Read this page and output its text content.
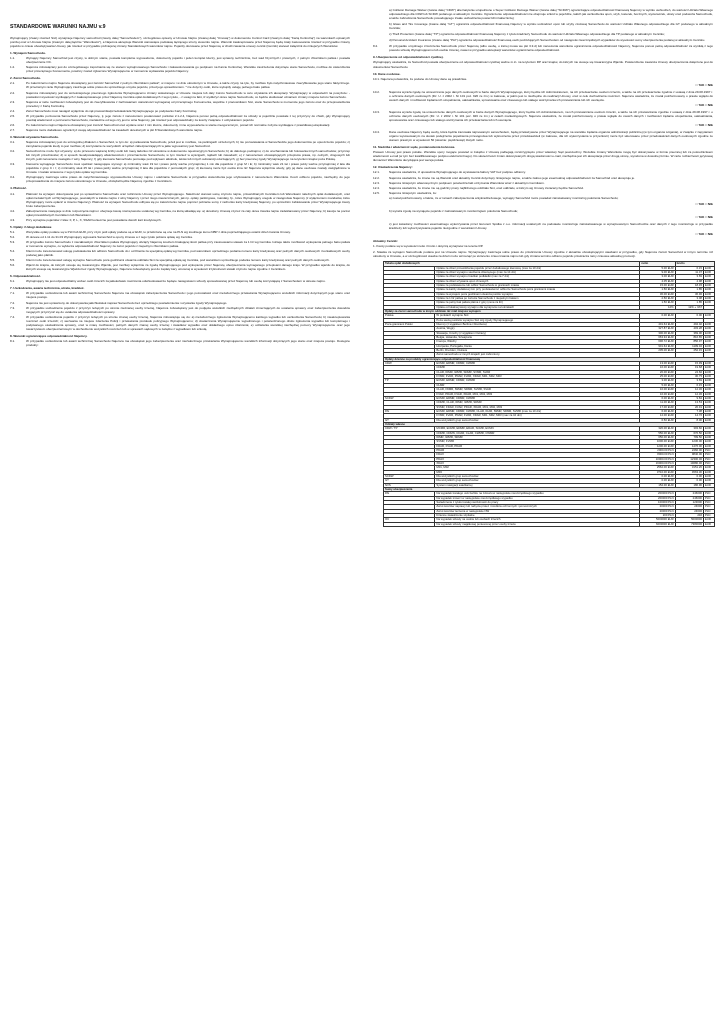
STANDARDOWE WARUNKI NAJMU v.9

Wynajmujący (zwany również Sixt) wynajmuje Najemcy samochód (zwany dalej "Samochodem"), szczegółowo opisany w Umowie Najmu (zwanej dalej "Umową") w dokumencie Control Card (zwanym dalej "Kartą Kontrolną") na warunkach opisanych poniżej oraz w Umowie Najmu (zwanym dalej łącznie "Warunkami"), a Najemca akceptuje Warunki stanowiące podstawę łączącego strony stosunku najmu. Warunki zaakceptowane przez Najemcę będą miały zastosowanie również w przypadku zmiany pojazdu w czasie obowiązywania Umowy, jak również w przypadku późniejszej zmiany Standardowych warunków najmu. Pojazdy oferowane przez Najemcę w chwili zawarcia umowy cennik (Cennik) stanowi załącznik do niniejszych Warunków.

1. Wynajem Samochodu.
1.1.	Wynajęty Najemcy Samochód jest czysty, w dobrym stanie, posiada kompletne wyposażenie, dokumenty pojazdu i jeden komplet kluczy, jest sprawny technicznie, bez wad fizycznych i prawnych, z pełnym zbiornikiem paliwa i posiada ubezpieczenie OC.
1.2.	Najemca zobowiązany jest do szczegółowego zapoznania się ze stanem wynajmowanego Samochodu i zakwestionowania go podpisem na Karcie Kontrolnej. Wszelkie zastrzeżenia dotyczące stanu Samochodu, możliwe do stwierdzenia przez przeciętnego Konsumenta, powinny zostać zgłoszone Wynajmującemu w momencie wydawania pojazdu Najemcy.
2. Zwrot Samochodu.
2.1.	Po zakończeniu najmu Najemca obowiązany jest zwrócić Samochód z pełnym zbiornikiem paliwa*, w miejscu i w dniu określonym w Umowie, a także czysty na tyle, by możliwe było natychmiastowe zweryfikowanie jego stanu faktycznego. W przeciwnym razie Wynajmujący zastrzega sobie prawo do uprzedniego umycia pojazdu, przed jego sprawdzeniem. * nie dotyczy osób, które wykupiły usługę pełnego baku paliwa
2.2.	Najemca zobowiązany jest do wcześniejszego pisemnego zgłoszenia Wynajmującemu zmiany wskazanego w Umowie miejsca lub daty zwrotu Samochodu w celu uzyskania ich akceptacji. Wynajmujący w odpowiedzi na powyższe: - powiadomi wysokość wynikających z zaakceptowanego przez Najemcę Cennika opłat dodatkowych z tego tytułu, - z uwagi na fakt, iż wydłużyć okres najmu Samochodu, co będzie skutkować uznaniem zmiany miejsca zwrotu Samochodu.
2.3.	Najemca w razie możliwości zobowiązany jest do zweryfikowania z zachowaniem staranności wymaganej od przeciętnego Konsumenta, wspólnie z pracownikiem Sixt, stanu Samochodu w momencie jego zwrotu oraz do przeprowadzenia procedury z Kartą Kontrolną.
2.4.	Zwrot Samochodu musi nastąpić wyłącznie do rąk pracownika/przedstawiciela Wynajmującego po podpisaniu Karty Kontrolnej.
2.5.	W przypadku porzucenia Samochodu przez Najemcę, tj. jego zwrotu z naruszeniem postanowień punktów 2.1-2.4, Najemca ponosi pełną odpowiedzialność za szkody w pojeździe powstałe z tej przyczyny do chwili, gdy Wynajmujący powziął wiadomość o porzuceniu Samochodu, niezależnie od tego czy jest to wina Najemcy, jak również jest odpowiedzialny za koszty związane z odzyskaniem pojazdu.
2.6.	Po zakończeniu najmu Najemca obowiązany jest zwrócić Samochód oraz wydane wraz z nim klucze, dokumenty i inne wyposażenie w stanie nieogorszonym, ponad ich normalne zużycie wynikające z prawidłowej eksploatacji.
2.7.	Najemca może dodatkowo ograniczyć swoją odpowiedzialność na zasadach określonych w pkt 8 Standardowych warunków najmu.
3. Warunki używania Samochodu.
3.1.	Najemca zobowiązany jest do szczególnej dbałości o Samochód, w tym do: a) parkowania Samochodu, jeżeli jest to możliwe, na parkingach strzeżonych; b) nie pozostawiania w Samochodzie jego dokumentów po opuszczeniu pojazdu; c) zamykania pojazdu kiedy to jest możliwe; d) korzystania ze wszystkich urządzeń zabezpieczających w jakie wyposażony jest Samochód.
3.2.	Samochód nie może być używany: a) do przewozu większej liczby osób lub masy ładunku niż określone w dokumencie rejestracyjnym Samochodu; b) do dalszego podnajmu; c) do uruchamiania lub holowania innych samochodów, przyczep lub innych przedmiotów; d) w sposób nieodpowiadający właściwościom i przeznaczeniu Samochodu, w tym również w wyścigach, rajdach lub zawodach; e) z naruszeniem obowiązujących przepisów prawa, np. celnych, drogowych lub innych, jeśli naruszenie nastąpiło z winy Najemcy; f) gdy kierowca Samochodu pozostaje pod wpływem alkoholu, leków lub innych substancji odurzających; g) bez pisemnej zgody Wynajmującego na terytorium krajów poza Polską.
3.3.	Kierowca wynajętego Samochodu musi spełniać następujące wymogi: a) minimalny wiek 19 lat i prawo jazdy ważne przynajmniej 1 rok dla pojazdów z grup M i E; b) minimalny wiek 21 lat i prawo jazdy ważne przynajmniej 2 lata dla pojazdów z grup C i I; c) minimalny wiek 25 lat i prawo jazdy ważne przynajmniej 3 lata dla pojazdów z pozostałych grup; d) kierowcą może być osoba inna niż Najemca wyłącznie wtedy, gdy jej dane osobowe zostały uwzględnione w Umowie i zostało wniesione z tego tytułu opłata wg Cennika.
3.4.	Wynajmujący zastrzega sobie prawo do natychmiastowego wypowiedzenia Umowy najmu i odebrania Samochodu w przypadku stwierdzenia jego użytkowania z naruszeniem Warunków. Koszt odbioru pojazdu, niezbędny do jego przeprowadzenia do miejsca zwrotu określonego w Umowie, obciążał będzie Najemcę zgodnie z Cennikiem.
4. Płatność.
4.1.	Płatność za wynajem dokonywana jest po sprawdzeniu Samochodu oraz rozliczeniu Umowy przez Wynajmującego. Należność stanowi sumę czynszu najmu, przewidzianych Cennikiem lub Warunkami należnych opłat dodatkowych, oraz opłat niezależnych od Wynajmującego, powstałych w trakcie najmu z winy Najemcy i przez niego nieuiszczonych, jak np. opłaty parkingowe, mandaty, fp., które Wynajmujący uregulu w zastępstwie Najemcy (z wyłączeniem mandatów, które Wynajmujący może opłacić w imieniu Najemcy). Płatność za wynajem Samochodu odbywa się po zakończeniu najmu poprzez pobranie sumy z rachunku karty kredytowej Najemcy, po uprzednim zablokowaniu przez Wynajmującego kwoty bruto zabezpieczenia.
4.2.	Zabezpieczenie następuje w dniu rozpoczęcia najmu i obejmuje kwotę równą kwocie ustalonej wg Cennika, na którą składają się: a) określony Umową czynsz za cały okres trwania najmu zadeklarowany przez Najemcę; b) kaucja na poczet opłat przewidzianych Cennikiem lub Warunkami.
4.3.	Przy wynajmie pojazdów z klas: F, P, L, X, SSAR konieczne jest posiadanie dwóch kart kredytowych.
5. Opłaty i Usługi dodatkowe
5.1.	Wszystkie opłaty podane są w PLN lub EUR, przy czym jeśli opłaty podane są w EUR, to przeliczane są one na PLN wg średniego kursu NBP z dnia poprzedzającego ostatni dzień trwania Umowy.
5.2.	W okresie od 1.11 do 31.03 Wynajmujący wyposaża Samochód w opony zimowe a z tego tytułu pobiera opłatę wg Cennika.
5.3.	W przypadku zwrotu Samochodu z niecałkowitym zbiornikiem paliwa Wynajmujący obciąży Najemcę kosztem brakującej ilości paliwa przy zastosowaniu stawek za 1 litr wg Cennika. Istnieje także możliwość wykupienia pełnego baku paliwa w momencie wynajmu, co wyklucza odpowiedzialność Najemcy za zwrot pojazdu z niepełnym zbiornikiem paliwa.
5.4.	Klient może zarezerwować usługę podstawienia lub odbioru Samochodu do i od Klienta za specjalną opłatą wg Cennika, pod warunkiem uprzedniego podania numeru karty kredytowej oraz pełnych danych osobowych i kontaktowych osoby podanej jako płatnik.
5.5.	Klient może zarezerwować usługę wynajmu Samochodu poza godzinami otwarcia oddziału Sixt za specjalną opłatą wg Cennika, pod warunkiem uprzedniego podania numeru karty kredytowej oraz pełnych danych osobowych.
5.6.	Wjazd do krajów, do których stosuje się Gwarancyjne Wjazdu, jest możliwy wyłącznie za zgodą Wynajmującego pod wykupieniu przez Najemcę ubezpieczenia wymaganego przepisami danego kraju. W przypadku wjazdu do krajów, do których stosuje się Gwarancyjne Wjazdu bez zgody Wynajmującego, Najemca zobowiązany jest do zapłaty kary umownej w wysokości trzykrotności stawki czynszu najmu zgodnie z Cennikiem.
6. Odpowiedzialność.
6.1.	Wynajmujący nie jest odpowiedzialny wobec osób trzecich za jakiekolwiek roszczenia odszkodowawcze będące następstwem szkody spowodowanej przez Najemcę lub osobę korzystającą z Samochodem w okresie najmu.
7. Uszkodzenia, awaria techniczna, utrata, kradzież.
7.1.	W przypadku uszkodzenia lub awarii technicznej Samochodu Najemca ma obowiązek zabezpieczenia Samochodu i jego pozostałości oraz niezwłocznego przekazania Wynajmującemu wszelkich informacji dotyczących jego stanu oraz miejsca postoju.
7.2.	Najemca nie jest uprawniony do dokonywania jakichkolwiek napraw Samochodu bez uprzedniego powiadomienia i uzyskania zgody Wynajmującego.
7.3.	W przypadku uszkodzenia pojazdu z przyczyn leżących po stronie nieznanej osoby trzeciej, Najemca zobowiązany jest do podjęcia wszelkich niezbędnych działań zmierzających do ustalenia sprawcy oraz zabezpieczenia dowodów mogących przyczynić się do ustalenia odpowiedzialności sprawcy.
7.4.	W przypadku uszkodzenia pojazdu z przyczyn leżących po stronie znanej osoby trzeciej, Najemca zobowiązuje się do: a) niezwłocznego zgłoszenia Wynajmującemu każdego wypadku lub uszkodzenia Samochodu; b) nieakceptowania roszczeń osób trzecich; c) wezwania na miejsce zdarzenia Policji i przekazania protokołu policyjnego Wynajmującemu; d) dostarczenia Wynajmującemu wypełnionego i potwierdzonego druku zgłoszenia wypadku lub kompletnego i podpisanego oświadczenia sprawcy, oraz w miarę możliwości, pełnych danych znanej osoby trzeciej i świadków wypadku oraz dokładnego opisu zdarzenia; e) udzielania wszelkiej niezbędnej pomocy Wynajmującemu oraz jego towarzystwom ubezpieczeniowym w dochodzeniu wszystkich roszczeń lub w sprawach sądowych w związku z wypadkiem lub szkodą.
8. Warunki ograniczające odpowiedzialność Najemcy.
8.1.	W przypadku uszkodzenia lub awarii technicznej Samochodu Najemca ma obowiązek jego zabezpieczenia oraz niezwłocznego przekazania Wynajmującemu wszelkich informacji dotyczących jego stanu oraz miejsca postoju. Dostępne produkty:

a) Collision Damage Waiver (zwane dalej "CDW") alternatywnie uzupełnione o Super Collision Damage Waiver (zwane dalej "SCDW") ograniczające odpowiedzialność finansową Najemcy w wyniku uszkodzeń, do wartości Udziału Własnego odpowiedniego dla CDW lub SCDW podanego w aktualnym Cenniku. Ograniczenie odpowiedzialności nie obejmuje szkód w pojeździe, takich jak uszkodzenia opon, szyb, lusterek, bocznych, wycieraczek, utraty oraz podwozia Samochodu, a także zabrudzenia Samochodu powodującego trwałe uszkodzenia powierzchni lakierniczej;

b) Glass and Tire Coverage (zwane dalej "GT") ogranicza odpowiedzialność finansową Najemcy w wyniku uszkodzeń opon lub szyby czołowej Samochodu do wartości Udziału Własnego odpowiedniego dla GT podanego w aktualnym Cenniku;

c) Theft Protection (zwane dalej "TP") ogranicza odpowiedzialność finansową Najemcy z tytułu kradzieży Samochodu do wartości Udziału Własnego odpowiedniego dla TP podanego w aktualnym Cenniku;

d) Personal Accident Insurance (zwane dalej "PAI") ogranicza odpowiedzialność finansową osób podróżujących Samochodem od następstw nieszczęśliwych wypadków do wysokości sumy ubezpieczenia podanej w aktualnym Cenniku.

8.2.	W przypadku umyślnego zniszczenia Samochodu przez Najemcę (albo osobę, o której mowa we pkt 3.3.d) lub naruszenia warunków ograniczenia odpowiedzialności Najemcy, Najemca ponosi pełną odpowiedzialność za wynikłą z tego powodu szkodę Wynajmującemu lub osobie trzeciej, nawet w przypadku akceptacji warunków ograniczenia odpowiedzialności.
9. Ubezpieczenie od odpowiedzialności cywilnej.

Wynajmujący oświadcza, że Samochód posiada ubezpieczenie od odpowiedzialności cywilnej ważne m.in. na terytorium RP oraz krajów, do których nie stosuje się Gwarancyjna Wjazdu. Potwierdzenie zawarcia Umowy ubezpieczenia dołączone jest do dokumentów Samochodu.

10. Dane osobowe.

10.1. Najemca potwierdza, że podane do Umowy dane są prawdziwe.

□ TAK □ NIE
10.2.	Najemca wyraża zgodę na umieszczenie jego danych osobowych w bazie danych Wynajmującego, który będzie ich Administratorem, na ich przetwarzanie osobom trzecim, a także na ich przetwarzanie zgodnie z ustawą z dnia 29.08.1997 r. o ochronie danych osobowych (Dz. U. z 2002 r. Nr 101 poz. 926 ze zm.) w zakresie, w jakim jest to niezbędne do realizacji Umowy, oraz w celu dochodzenia roszczeń. Najemca oświadcza, że został poinformowany o prawie wglądu do swoich danych i możliwości żądania ich uzupełnienia, uaktualniania, sprostowania oraz czasowego lub stałego wstrzymania ich przetwarzania lub ich usunięcia.
□ TAK □ NIE
10.3.	Najemca wyraża zgodę na umieszczenie danych osobowych w bazie danych Wynajmującego, który będzie ich Administratorem, na ich przetwarzanie osobom trzecim, a także na ich przetwarzanie zgodnie z ustawą z dnia 29.08.1997 r. o ochronie danych osobowych (Dz. U. z 2002 r. Nr 101 poz. 926 ze zm.) w celach marketingowych. Najemca oświadcza, że został poinformowany o prawie wglądu do swoich danych i możliwości żądania uzupełnienia, uaktualniania, sprostowania oraz czasowego lub stałego wstrzymania ich przetwarzania lub ich usunięcia.
□ TAK □ NIE
10.4.	Dane osobowe Najemcy będą osoby, która będzie kierowała najmowanym samochodem, będą przekazywane przez Wynajmującego na wszelkie żądania organów administracji publicznej (w tym organów ścigania), w związku z zapytaniem organu wystosowanym na skutek podejrzenia popełnienia przestępstwa lub wykroczenia przez przedstawicieli (w zakresie, dla ich wykorzystania w przyszłości) może być skierowane przez przedstawicieli danych osobowych zgodnie ze stanem prawnym w wysokości 50 (słownie: pięćdziesiąt) złotych netto.
11. Siedziba i właściwość sądu, postanowienia końcowe.

Prawem Umowy jest prawo polskie. Wszelkie spory mogące powstać w związku z Umową podlegają rozstrzygnięciu przez właściwy Sąd powszechny. Wszelkie zmiany Warunków mogą być dokonywane w formie pisemnej lub za pośrednictwem wiadomości e-mail (w tym bez kwalifikowanego podpisu elektronicznego). Do skuteczności zmian dokonywanych drogą wiadomości e-mail, niezbędna jest ich akceptacja przez drugą stronę, wyrażona w dowolnej formie. W razie rozbieżności językowej tłumaczeń Warunków decydująca jest wersja polska.

12. Oświadczenia Najemcy:
12.1.	Najemca oświadcza, iż upoważnia Wynajmującego do wystawienia faktury VAT bez podpisu odbiorcy.
12.2.	Najemca oświadcza, że znane mu są Warunki oraz aktualny Cennik dotyczący niniejszego najmu, a także zakres jego ewentualnej odpowiedzialności za Samochód oraz akceptuje je.
12.3.	Najemca niniejszym własnoręcznym podpisem potwierdza fakt otrzymania Warunków wraz z aktualnym Cennikiem.
12.4.	Najemca oświadcza, że znane mu są godziny pracy najbliższego oddziału Sixt, oraz oddziału, w którym wg Umowy zwracany będzie Samochód.
12.5.	Najemca niniejszym oświadcza, że:

a) został poinformowany o fakcie, że w ramach zabezpieczenia antykradzieżowego, wynajęty Samochód może posiadać zainstalowany monitoring położenia Samochodu;

□ TAK □ NIE

b) wyraża zgodę na wynajęcie pojazdu z zainstalowanym monitoringiem położenia Samochodu;

□ TAK □ NIE

c) jest świadomy możliwości ewentualnego wykorzystania przez Eurorent Spółka z o.o. informacji ustalonych na podstawie monitoringu zainstalowanego w wynajmowanym Samochodzie oraz danych z tego monitoringu w przypadku kradzieży lub wykorzystywania pojazdu niezgodnie z warunkami Umowy.

□ TAK □ NIE
Aktualny Cennik:

1. Kwoty podane są w wysokości netto i brutto i dotyczą wynajmów na terenie RP.

2. Stawka za wynajem Samochodu podana jest na Umowie najmu. Wynajmujący zastrzega sobie prawo do przeliczenia Umowy zgodnie z aktualnie obowiązującymi stawkami w przypadku, gdy Najemca zwróci Samochód w innym terminie niż określony w Umowie, a w szczególności stawka za dzień może wzrosnąć po skróceniu czasu trwania najmu lub gdy zmiana terminu odbioru pojazdu przekracza ramy czasowe aktualnej promocji.

Tabela opłat dodatkowych		netto	brutto	
	Opłata za dzień przewidziania pojazdu przez dodatkowego kierowcę (max za 10 dni)	5.00 EUR	6.15	EUR
	Opłata za dzień wynajmu siedzenia dziecięcego (max za 14 dni)	9.00 EUR	11.07	EUR
	Opłata za dzień wynajmu fotelika/ podkładki (max za 7 dni)	3.00 EUR	3.69	EUR
	Opłata za dzień używania opon zimowych	4.05 EUR	4.98	EUR
	Opłata za podstawienie lub odbiór Samochodu w granicach miasta	15.00 EUR	18.45	EUR
	Opłata za każdy dodatkowy km przy podstawieniu/ odbiorze Samochodu poza granicami miasta	1.50 EUR	1.85	EUR
	Opłata za wynajem poza godzinami otwarcia punktu wynajmu	30.00 EUR	36.90	EUR
	Opłata za 1 litr paliwa po zwrocie Samochodu z niepełnym bakiem	2.50 EUR	3.08	EUR
	Opłata za pełny bak paliwa płatna z góry (cena za litr)	1.50 EUR	1.85	EUR
	Opłata od lokalnej kwoty wynajmu dla wynajmów na lotniskach	12%	12% + VAT	
Opłaty za zwrot samochodu w innym oddziale niż miał miejsce wynajem				
Polska	W punktach wynajmu Sixt	0.00 EUR	0.00	EUR
	Poza siecią punktów wynajmu Sixt w/g zgody Wynajmującego			
Poza granicami Polski	Niemcy (z wyjątkiem Berlina i Drezdena)	401.64 EUR	494.02	EUR
	Austria, Węgry	327.87 EUR	403.28	EUR
	Słowacja, Czechy (z wyjątkiem Ostravy)	300.00 EUR	369.00	EUR
	Belgia, Holandia, Szwajcaria	663.94 EUR	816.65	EUR
	Francja, Włochy	696.72 EUR	856.97	EUR
	Hiszpania, Portugalia, Dania	901.64 EUR	1109.02	EUR
	Berlin, Drezden, Ostrava	205.00 EUR	252.15	EUR
	Zwrot samochodu w innych krajach jest zabroniony			
Opłaty dzienne za produkty ograniczające odpowiedzialność finansową				
CDW	ECMR, EDMR, CDMR, CWMR	13.00 EUR	15.99	EUR
	CDMR	16.00 EUR	19.68	EUR
	CLAR, IDMR, IWMR, SDMR, SVMR, SVAR	20.00 EUR	24.60	EUR
	FVMR, FVAR, PDAR, FVAR, XDAR, M01, M02, M03	25.00 EUR	30.75	EUR
TP	ECMR, EDMR, CDMR, CWMR	3.00 EUR	3.69	EUR
	CLMR	5.00 EUR	6.15	EUR
	CLAR, IWMR, IWMR, SDMR, SVMR, SVAR	10.00 EUR	12.30	EUR
	FVAR, PDAR, FVAR, XDAR, M01, M02, M03	10.00 EUR	12.30	EUR
SCDW	ECMR, EDMR, CDMR, CWMR	6.00 EUR	9.84	EUR
	CDMR, CLAR, IDMR, IWMR, SDMR	11.00 EUR	13.53	EUR
	SVMR, FDAR, FVAR, PDAR, XDAR, M01, M02, M03	17.00 EUR	20.91	EUR
PAI	ECMR, EDMR, CDMR, CWMR, CLAR, IDAR, IWMR, SDMR, SVMR (max za 10 dni)	6.00 EUR	7.38	EUR
	FVMR, FVAR, PDAR, FVAR, XDAR, M01, M02, M03 (max za 10 dni)	12.00 EUR	14.76	EUR
GT	Dla wszystkich grup samochodów	6.50 EUR	8.00	EUR
Udziały własne				
CDW / TP	MCMR, ECMR, EDMR, EDAR, SCMR, ECMN	320.00 EUR	393.60	EUR
	CDMR, CDMN, CDAR, CLAR, CWMR, CWMR	550.00 EUR	676.50	EUR
	IDMR, IWMR, SDMR	650.00 EUR	799.50	EUR
	SVMR, FVMR	1000.00 EUR	1230.00	EUR
	FDAR, FVAR, PDAR	1200.00 EUR	1476.00	EUR
	PDAR	2000.00 PLN	2460.00	PLN
	FDAX	8000.00 PLN	9840.00	PLN
	PDAX	10000.00 PLN	12300.00	PLN
	XDAX	16000.00 PLN	19680.00	PLN
	M01, M02	2562.00 EUR	3151.26	EUR
	M03	3710.00 EUR	4563.30	EUR
SCDW	Dla wszystkich grup samochodów	0.00 EUR	0.00	EUR
GT	Dla wszystkich grup samochodów	0.00 EUR	0.00	EUR
NVS	System nawigacji satelitarnej	152.00 EUR	186.96	EUR
Sumy ubezpieczenia				
PAI	Na wypadek trwałego uszczerbku na zdrowiu w następstwie nieszczęśliwego wypadku	200000 PLN	246000	PLN
	Na wypadek śmierci w następstwie nieszczęśliwego wypadku	200000 PLN	246000	PLN
	Świadczenie z tytułu trwałej niezdolności do pracy	100000 PLN	123000	PLN
	Zwrot kosztów naprawy lub nabycia protez i środków ochronnych i pomocniczych	20000 PLN	24600	PLN
	Zwrot kosztów leczenia w następstwie NW	20000 PLN	24600	PLN
	Dzienne świadczenie szpitalne	200 PLN	246	PLN
OC	Na wypadek szkody na osobie lub osobach trzecich	5000000 EUR	5000000	EUR
	Na wypadek szkody majątkowej poniesionej przez osoby trzecie	6000000 EUR	7380000	EUR
